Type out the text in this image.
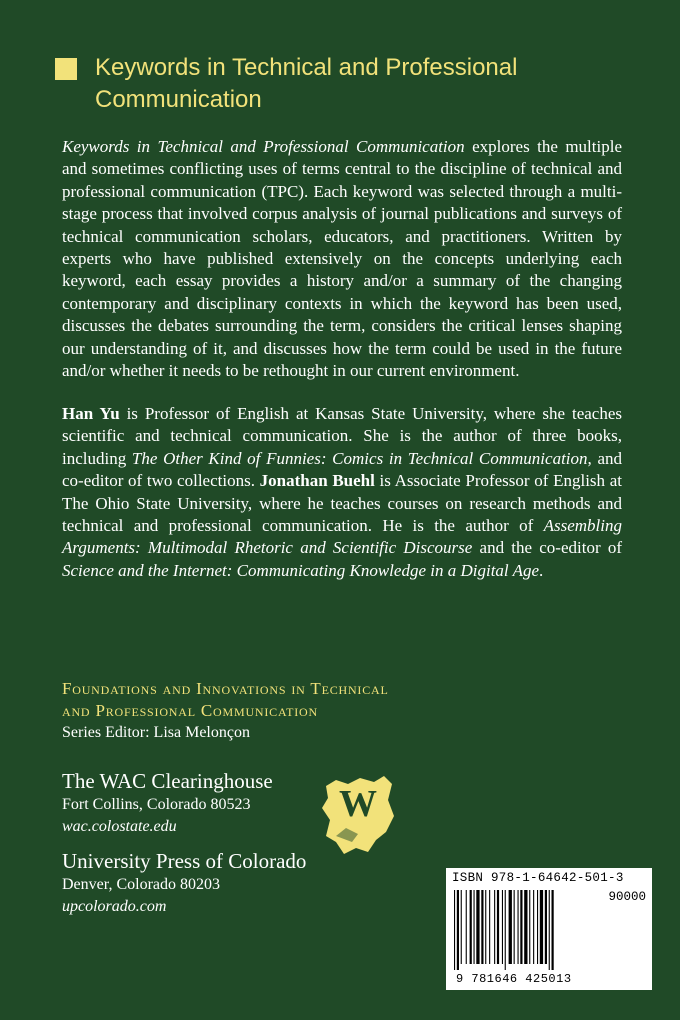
Keywords in Technical and Professional
Communication
Keywords in Technical and Professional Communication explores the multiple and sometimes conflicting uses of terms central to the discipline of technical and professional communication (TPC). Each keyword was selected through a multi-stage process that involved corpus analysis of journal publications and surveys of technical communication scholars, educators, and practitioners. Written by experts who have published extensively on the concepts underlying each keyword, each essay provides a history and/or a summary of the changing contemporary and disciplinary contexts in which the keyword has been used, discusses the debates surrounding the term, considers the critical lenses shaping our understanding of it, and discusses how the term could be used in the future and/or whether it needs to be rethought in our current environment.
Han Yu is Professor of English at Kansas State University, where she teaches scientific and technical communication. She is the author of three books, including The Other Kind of Funnies: Comics in Technical Communication, and co-editor of two collections. Jonathan Buehl is Associate Professor of English at The Ohio State University, where he teaches courses on research methods and technical and professional communication. He is the author of Assembling Arguments: Multimodal Rhetoric and Scientific Discourse and the co-editor of Science and the Internet: Communicating Knowledge in a Digital Age.
Foundations and Innovations in Technical
and Professional Communication
Series Editor: Lisa Melonçon
The WAC Clearinghouse
Fort Collins, Colorado 80523
wac.colostate.edu
University Press of Colorado
Denver, Colorado 80203
upcolorado.com
W
ISBN 978-1-64642-501-3
90000
9 781646 425013
